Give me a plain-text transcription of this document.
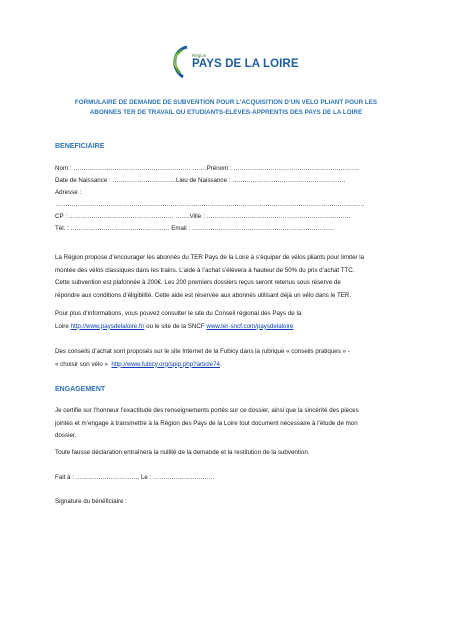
Région
PAYS DE LA LOIRE
FORMULAIRE DE DEMANDE DE SUBVENTION POUR L’ACQUISITION D’UN VELO PLIANT POUR LES
ABONNES TER DE TRAVAIL OU ETUDIANTS-ELEVES-APPRENTIS DES PAYS DE LA LOIRE
BENEFICIAIRE
Nom : ………………………………………………… …….Prénom : …………………………………………………….
Date de Naissance : ………………………….Lieu de Naissance : ……………………………………………….
Adresse :
……………………………………………………………………………………………………………………………………
CP : …………………………………………… …….Ville : …………………………………………………………….
Tél. : ………………………………………… Email : ……………………………………………………………
La Région propose d’encourager les abonnés du TER Pays de la Loire à s’équiper de vélos pliants pour limiter la
montée des vélos classiques dans les trains. L’aide à l’achat s’élèvera à hauteur de 50% du prix d’achat TTC.
Cette subvention est plafonnée à 200€. Les 200 premiers dossiers reçus seront retenus sous réserve de
répondre aux conditions d’éligibilité. Cette aide est réservée aux abonnés utilisant déjà un vélo dans le TER.
Pour plus d’informations, vous pouvez consulter le site du Conseil régional des Pays de la
Loire http://www.paysdelaloire.fr/ ou le site de la SNCF www.ter-sncf.com/paysdelaloire
Des conseils d’achat sont proposés sur le site Internet de la Fubicy dans la rubrique « conseils pratiques » -
« choisir son vélo » http://www.fubicy.org/spip.php?article74.
ENGAGEMENT
Je certifie sur l’honneur l’exactitude des renseignements portés sur ce dossier, ainsi que la sincérité des pièces
jointes et m’engage à transmettre à la Région des Pays de la Loire tout document nécessaire à l’étude de mon
dossier.
Toute fausse déclaration entraînera la nullité de la demande et la restitution de la subvention.
Fait à : …………………………. Le : …………………………
Signature du bénéficiaire :
